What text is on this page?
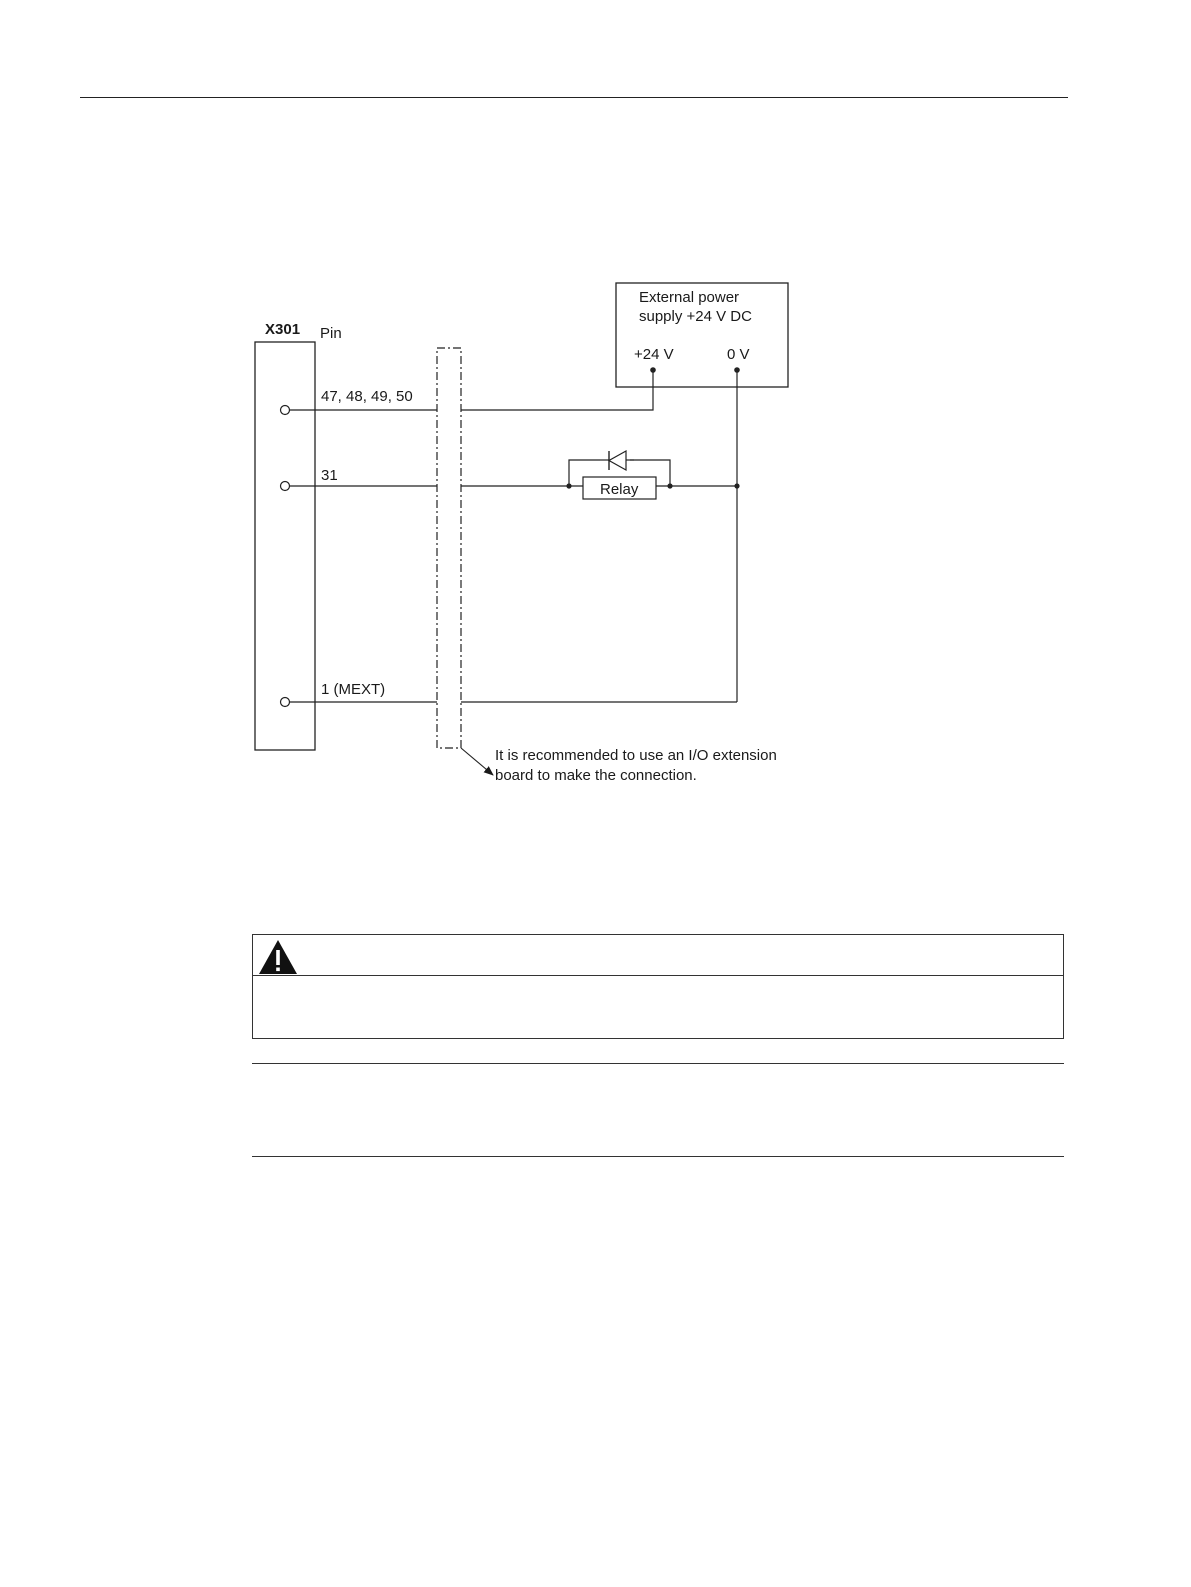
X301 Pin
47, 48, 49, 50
31
1 (MEXT)
External power
supply +24 V DC
+24 V	0 V
Relay
It is recommended to use an I/O extension
board to make the connection.
